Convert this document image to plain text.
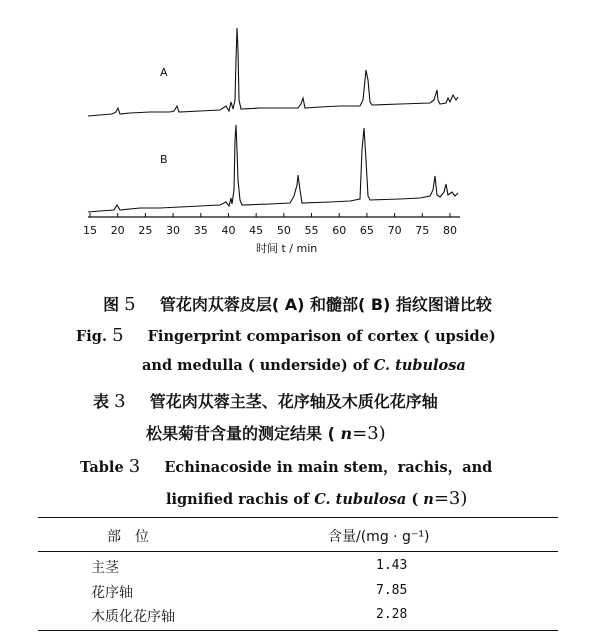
A
B
15 20 25 30 35 40 45 50 55 60 65 70 75 80
时间 t / min
图 5 管花肉苁蓉皮层( A) 和髓部( B) 指纹图谱比较
Fig. 5 Fingerprint comparison of cortex ( upside)
and medulla ( underside) of C. tubulosa
表 3 管花肉苁蓉主茎、花序轴及木质化花序轴
松果菊苷含量的测定结果 ( n=3)
Table 3 Echinacoside in main stem，rachis，and
lignified rachis of C. tubulosa ( n=3)
部　位	含量/(mg · g⁻¹)
主茎	1.43
花序轴	7.85
木质化花序轴	2.28
